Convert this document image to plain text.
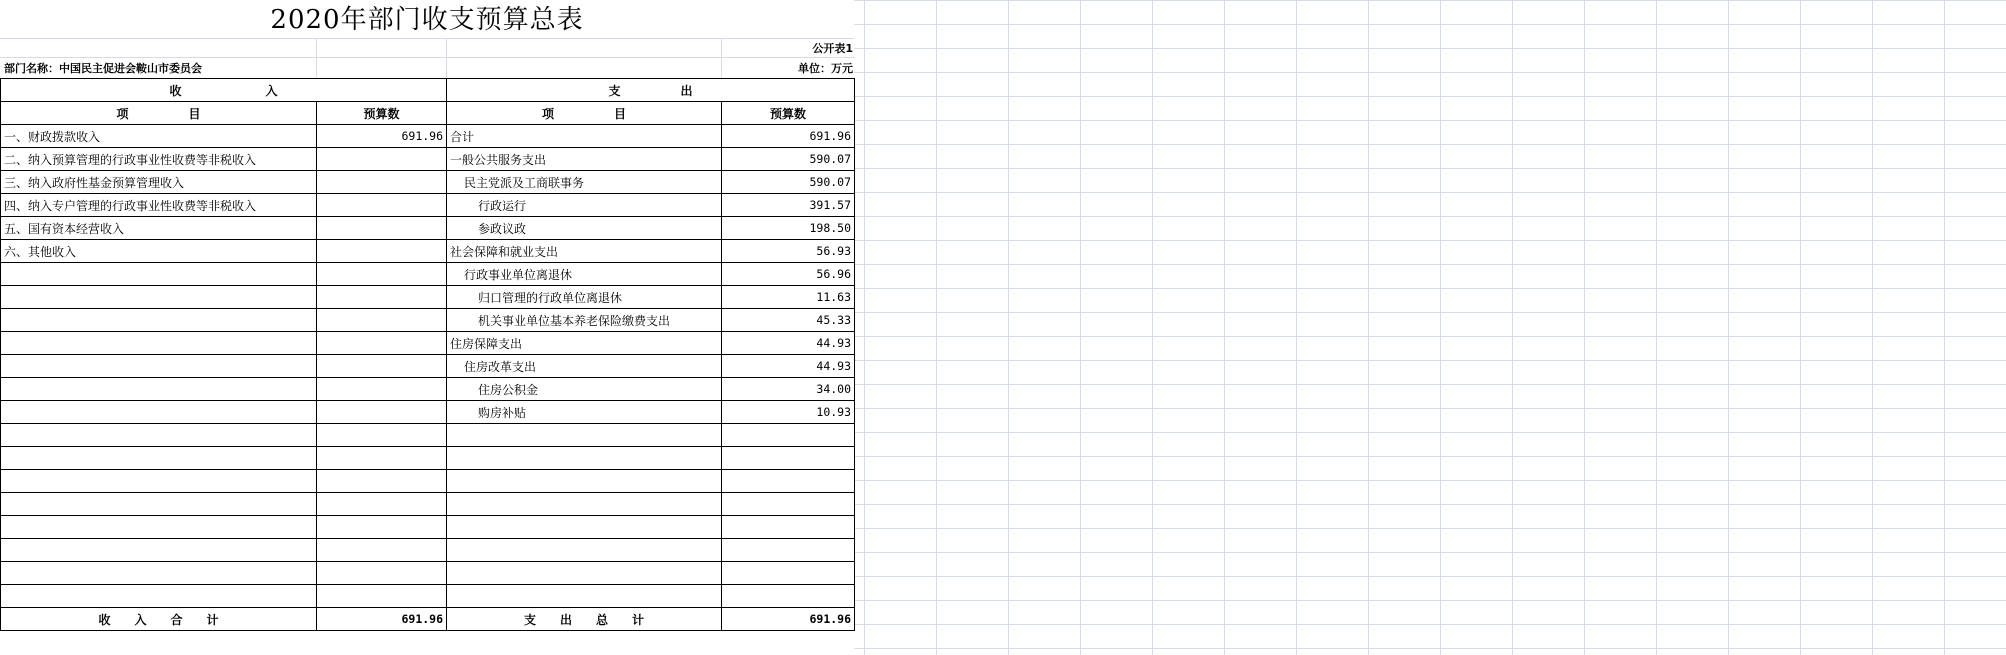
2020年部门收支预算总表
公开表1
部门名称：中国民主促进会鞍山市委员会	单位：万元
收　　　　　　　入		支　　　　　出	
项　　　　　目	预算数	项　　　　　目	预算数
一、财政拨款收入	691.96	合计	691.96
二、纳入预算管理的行政事业性收费等非税收入		一般公共服务支出	590.07
三、纳入政府性基金预算管理收入		民主党派及工商联事务	590.07
四、纳入专户管理的行政事业性收费等非税收入		行政运行	391.57
五、国有资本经营收入		参政议政	198.50
六、其他收入		社会保障和就业支出	56.93
		行政事业单位离退休	56.96
		归口管理的行政单位离退休	11.63
		机关事业单位基本养老保险缴费支出	45.33
		住房保障支出	44.93
		住房改革支出	44.93
		住房公积金	34.00
		购房补贴	10.93

收　　入　　合　　计	691.96	支　　出　　总　　计	691.96
